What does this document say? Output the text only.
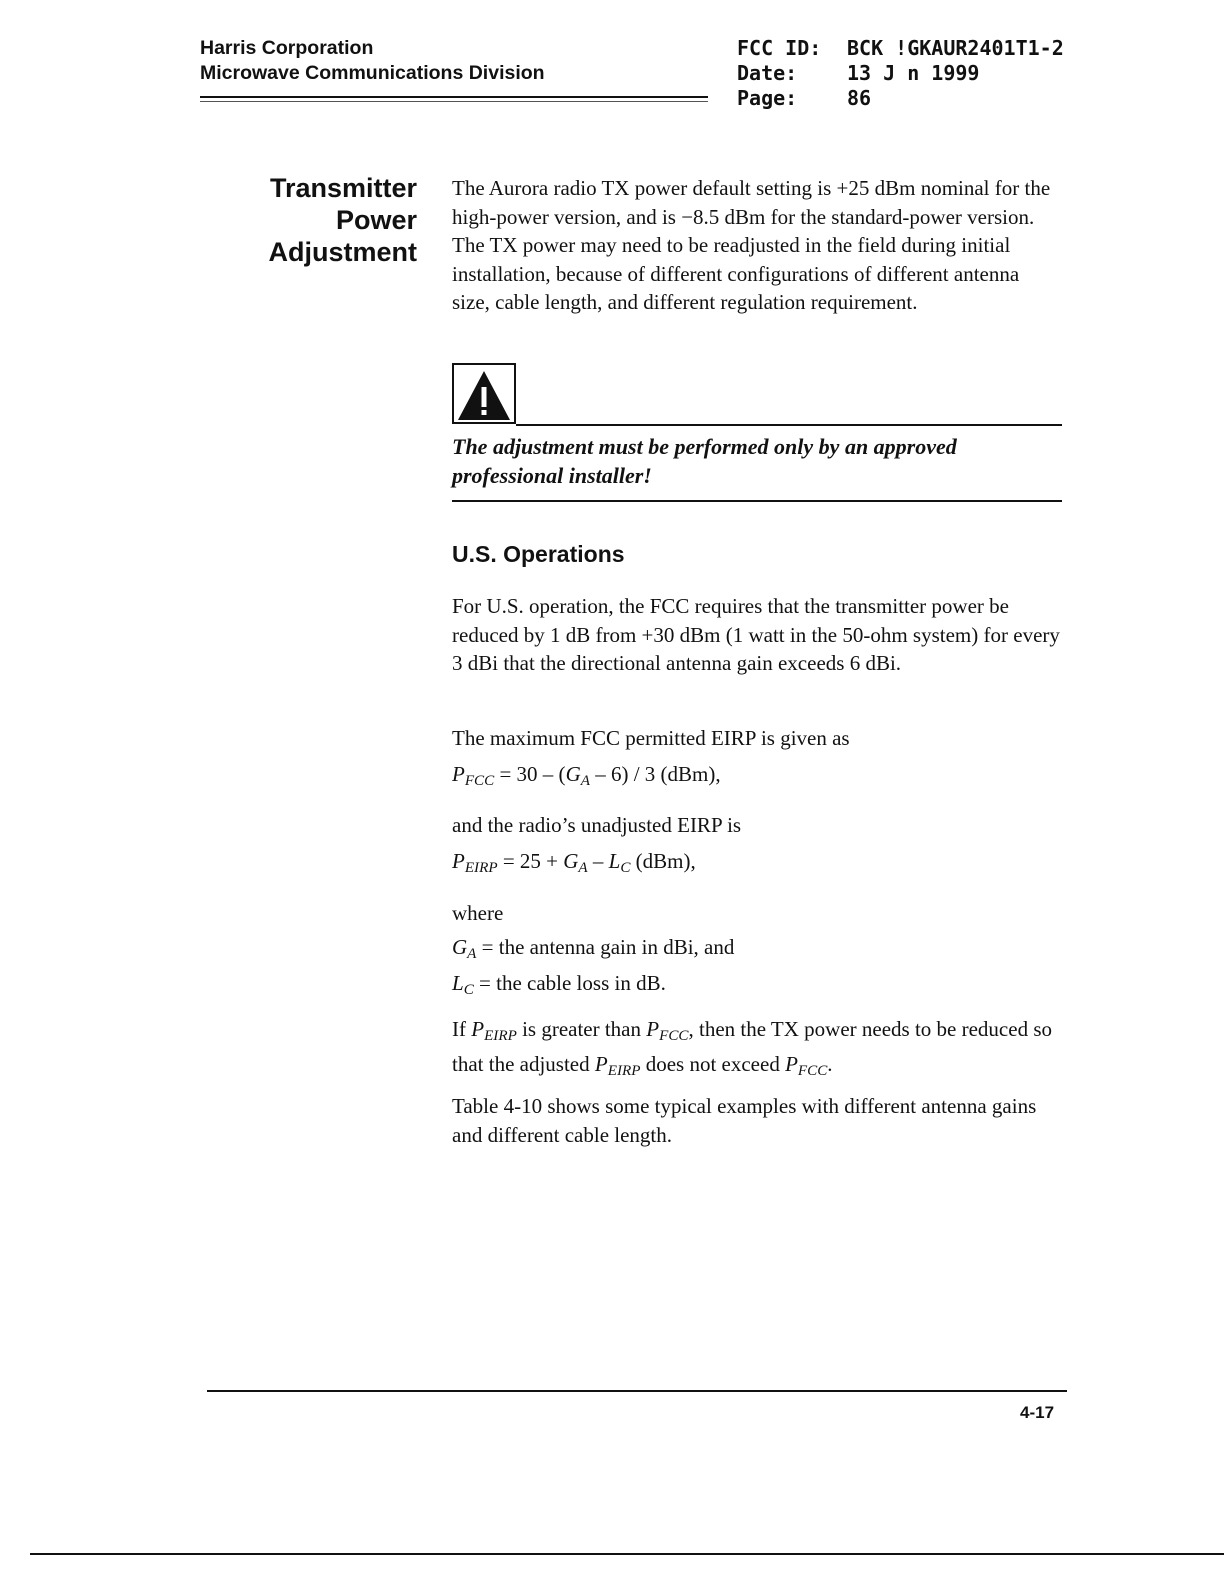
Harris Corporation
Microwave Communications Division
FCC ID:	BCK !GKAUR2401T1-2
Date:	13 J n 1999
Page:	86
Transmitter
Power
Adjustment

The Aurora radio TX power default setting is +25 dBm nominal for the high-power version, and is −8.5 dBm for the standard-power version. The TX power may need to be readjusted in the field during initial installation, because of different configurations of different antenna size, cable length, and different regulation requirement.

The adjustment must be performed only by an approved professional installer!
U.S. Operations

For U.S. operation, the FCC requires that the transmitter power be reduced by 1 dB from +30 dBm (1 watt in the 50-ohm system) for every 3 dBi that the directional antenna gain exceeds 6 dBi.

The maximum FCC permitted EIRP is given as

$P_{FCC} = 30 - (G_A - 6) / 3$ (dBm),

and the radio’s unadjusted EIRP is

$P_{EIRP} = 25 + G_A - L_C$ (dBm),

where

$G_A$ = the antenna gain in dBi, and
$L_C$ = the cable loss in dB.

If $P_{EIRP}$ is greater than $P_{FCC}$, then the TX power needs to be reduced so that the adjusted $P_{EIRP}$ does not exceed $P_{FCC}$.

Table 4-10 shows some typical examples with different antenna gains and different cable length.

4-17
